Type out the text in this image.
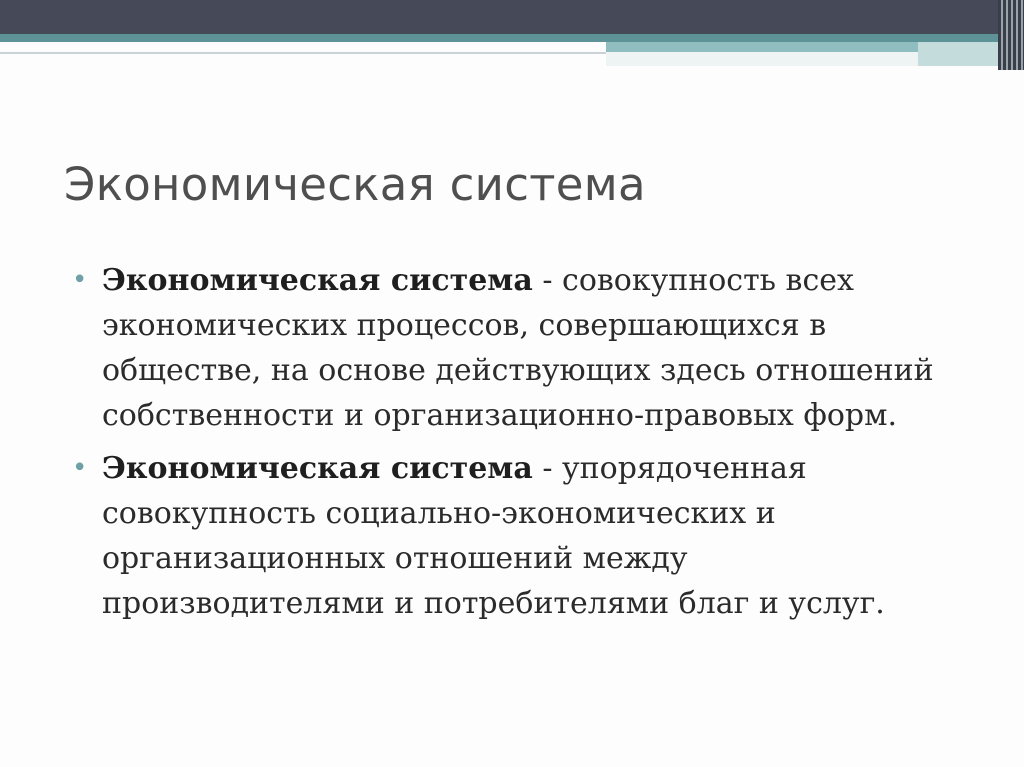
Экономическая система
• Экономическая система - совокупность всех экономических процессов, совершающихся в обществе, на основе действующих здесь отношений собственности и организационно-правовых форм.
• Экономическая система - упорядоченная совокупность социально-экономических и организационных отношений между производителями и потребителями благ и услуг.
